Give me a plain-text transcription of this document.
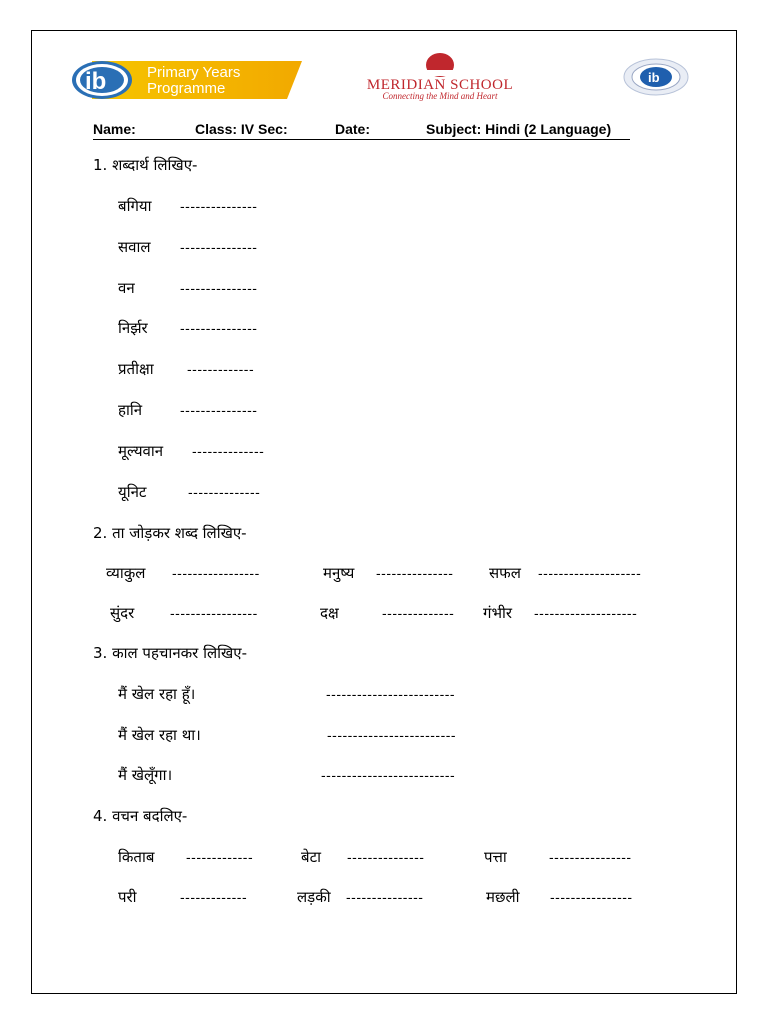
ib	Primary Years
Programme	MERIDIAN SCHOOL
Connecting the Mind and Heart
ib
Name:	Class: IV Sec:	Date:	Subject: Hindi (2 Language)
1. शब्दार्थ लिखिए-
बगिया ---------------
सवाल ---------------
वन	---------------
निर्झर ---------------
प्रतीक्षा -------------
हानि	---------------
मूल्यवान --------------
यूनिट	--------------
2. ता जोड़कर शब्द लिखिए-
व्याकुल -----------------	मनुष्य --------------- सफल --------------------
सुंदर	-----------------	दक्ष	-------------- गंभीर --------------------
3. काल पहचानकर लिखिए-
मैं खेल रहा हूँ।	-------------------------
मैं खेल रहा था।	-------------------------
मैं खेलूँगा।	--------------------------
4. वचन बदलिए-
किताब -------------	बेटा ---------------	पत्ता	----------------
परी	-------------	लड़की ---------------	मछली ----------------
